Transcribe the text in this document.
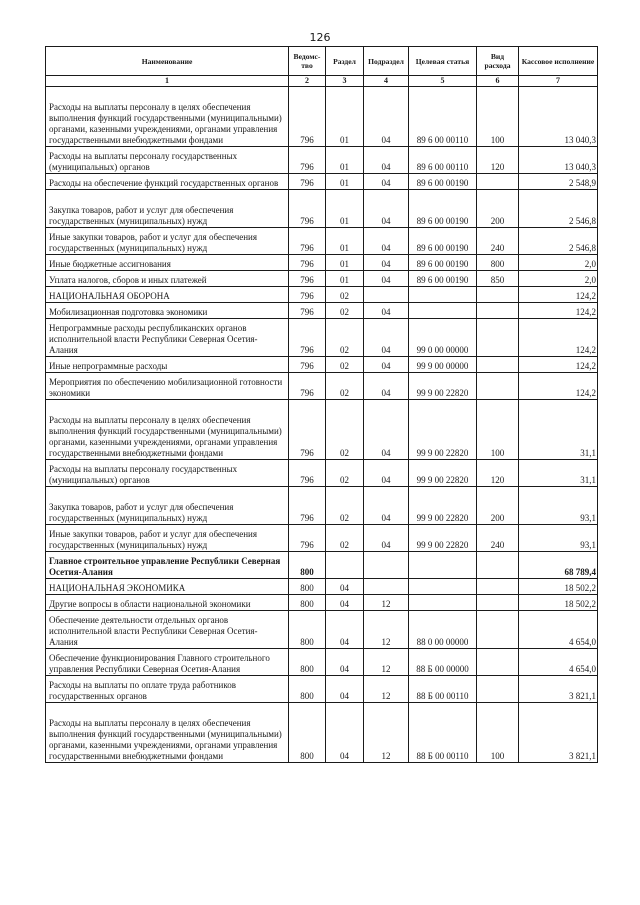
126
Наименование	Ведомс-тво	Раздел	Подраздел	Целевая статья	Вид расхода	Кассовое исполнение
1	2	3	4	5	6	7

Расходы на выплаты персоналу в целях обеспечения выполнения функций государственными (муниципальными) органами, казенными учреждениями, органами управления государственными внебюджетными фондами	796	01	04	89 6 00 00110	100	13 040,3
Расходы на выплаты персоналу государственных (муниципальных) органов	796	01	04	89 6 00 00110	120	13 040,3
Расходы на обеспечение функций государственных органов	796	01	04	89 6 00 00190		2 548,9

Закупка товаров, работ и услуг для обеспечения государственных (муниципальных) нужд	796	01	04	89 6 00 00190	200	2 546,8
Иные закупки товаров, работ и услуг для обеспечения государственных (муниципальных) нужд	796	01	04	89 6 00 00190	240	2 546,8
Иные бюджетные ассигнования	796	01	04	89 6 00 00190	800	2,0
Уплата налогов, сборов и иных платежей	796	01	04	89 6 00 00190	850	2,0
НАЦИОНАЛЬНАЯ ОБОРОНА	796	02				124,2
Мобилизационная подготовка экономики	796	02	04			124,2
Непрограммные расходы республиканских органов исполнительной власти Республики Северная Осетия-Алания	796	02	04	99 0 00 00000		124,2
Иные непрограммные расходы	796	02	04	99 9 00 00000		124,2
Мероприятия по обеспечению мобилизационной готовности экономики	796	02	04	99 9 00 22820		124,2

Расходы на выплаты персоналу в целях обеспечения выполнения функций государственными (муниципальными) органами, казенными учреждениями, органами управления государственными внебюджетными фондами	796	02	04	99 9 00 22820	100	31,1
Расходы на выплаты персоналу государственных (муниципальных) органов	796	02	04	99 9 00 22820	120	31,1

Закупка товаров, работ и услуг для обеспечения государственных (муниципальных) нужд	796	02	04	99 9 00 22820	200	93,1
Иные закупки товаров, работ и услуг для обеспечения государственных (муниципальных) нужд	796	02	04	99 9 00 22820	240	93,1
Главное строительное управление Республики Северная Осетия-Алания	800					68 789,4
НАЦИОНАЛЬНАЯ ЭКОНОМИКА	800	04				18 502,2
Другие вопросы в области национальной экономики	800	04	12			18 502,2
Обеспечение деятельности отдельных органов исполнительной власти Республики Северная Осетия-Алания	800	04	12	88 0 00 00000		4 654,0
Обеспечение функционирования Главного строительного управления Республики Северная Осетия-Алания	800	04	12	88 Б 00 00000		4 654,0
Расходы на выплаты по оплате труда работников государственных органов	800	04	12	88 Б 00 00110		3 821,1

Расходы на выплаты персоналу в целях обеспечения выполнения функций государственными (муниципальными) органами, казенными учреждениями, органами управления государственными внебюджетными фондами	800	04	12	88 Б 00 00110	100	3 821,1
